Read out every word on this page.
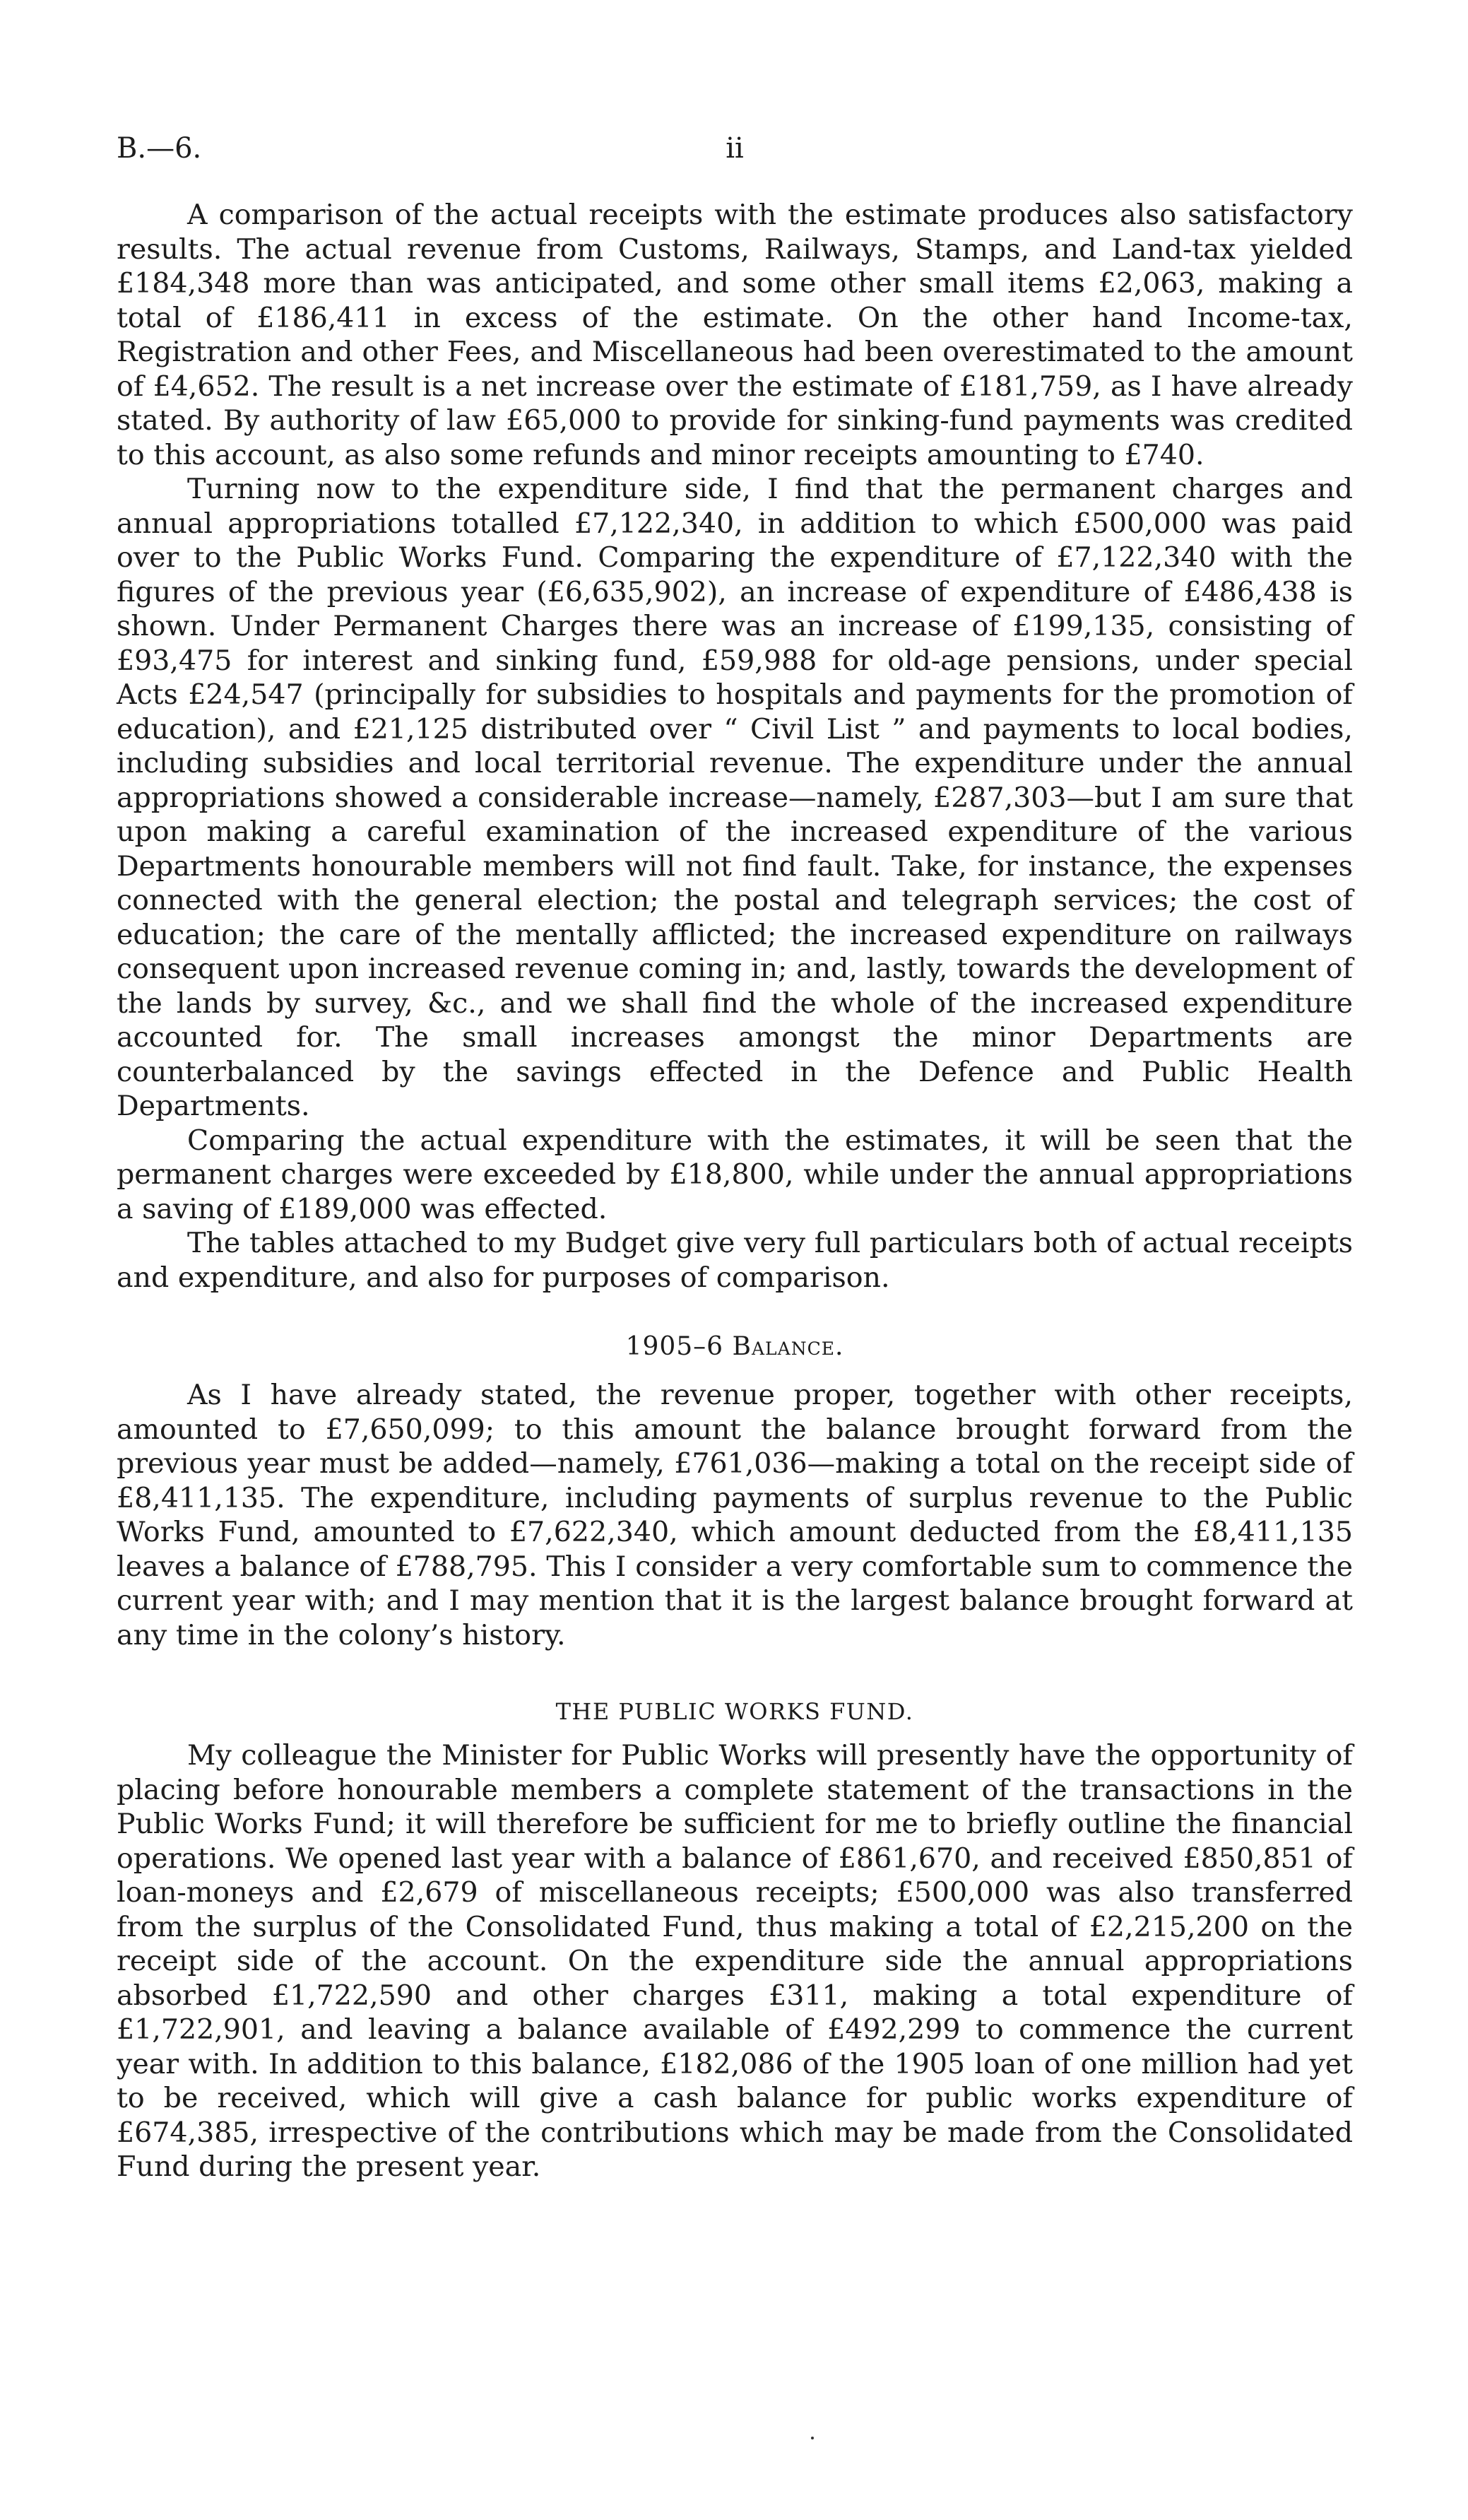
B.—6.	ii

A comparison of the actual receipts with the estimate produces also satisfactory results. The actual revenue from Customs, Railways, Stamps, and Land-tax yielded £184,348 more than was anticipated, and some other small items £2,063, making a total of £186,411 in excess of the estimate. On the other hand Income-tax, Registration and other Fees, and Miscellaneous had been overestimated to the amount of £4,652. The result is a net increase over the estimate of £181,759, as I have already stated. By authority of law £65,000 to provide for sinking-fund payments was credited to this account, as also some refunds and minor receipts amounting to £740.

Turning now to the expenditure side, I find that the permanent charges and annual appropriations totalled £7,122,340, in addition to which £500,000 was paid over to the Public Works Fund. Comparing the expenditure of £7,122,340 with the figures of the previous year (£6,635,902), an increase of expenditure of £486,438 is shown. Under Permanent Charges there was an increase of £199,135, consisting of £93,475 for interest and sinking fund, £59,988 for old-age pensions, under special Acts £24,547 (principally for subsidies to hospitals and payments for the promotion of education), and £21,125 distributed over “ Civil List ” and payments to local bodies, including subsidies and local territorial revenue. The expenditure under the annual appropriations showed a considerable increase—namely, £287,303—but I am sure that upon making a careful examination of the increased expenditure of the various Departments honourable members will not find fault. Take, for instance, the expenses connected with the general election; the postal and telegraph services; the cost of education; the care of the mentally afflicted; the increased expenditure on railways consequent upon increased revenue coming in; and, lastly, towards the development of the lands by survey, &c., and we shall find the whole of the increased expenditure accounted for. The small increases amongst the minor Departments are counterbalanced by the savings effected in the Defence and Public Health Departments.

Comparing the actual expenditure with the estimates, it will be seen that the permanent charges were exceeded by £18,800, while under the annual appropriations a saving of £189,000 was effected.

The tables attached to my Budget give very full particulars both of actual receipts and expenditure, and also for purposes of comparison.

1905–6 Balance.

As I have already stated, the revenue proper, together with other receipts, amounted to £7,650,099; to this amount the balance brought forward from the previous year must be added—namely, £761,036—making a total on the receipt side of £8,411,135. The expenditure, including payments of surplus revenue to the Public Works Fund, amounted to £7,622,340, which amount deducted from the £8,411,135 leaves a balance of £788,795. This I consider a very comfortable sum to commence the current year with; and I may mention that it is the largest balance brought forward at any time in the colony’s history.

THE PUBLIC WORKS FUND.

My colleague the Minister for Public Works will presently have the opportunity of placing before honourable members a complete statement of the transactions in the Public Works Fund; it will therefore be sufficient for me to briefly outline the financial operations. We opened last year with a balance of £861,670, and received £850,851 of loan-moneys and £2,679 of miscellaneous receipts; £500,000 was also transferred from the surplus of the Consolidated Fund, thus making a total of £2,215,200 on the receipt side of the account. On the expenditure side the annual appropriations absorbed £1,722,590 and other charges £311, making a total expenditure of £1,722,901, and leaving a balance available of £492,299 to commence the current year with. In addition to this balance, £182,086 of the 1905 loan of one million had yet to be received, which will give a cash balance for public works expenditure of £674,385, irrespective of the contributions which may be made from the Consolidated Fund during the present year.
